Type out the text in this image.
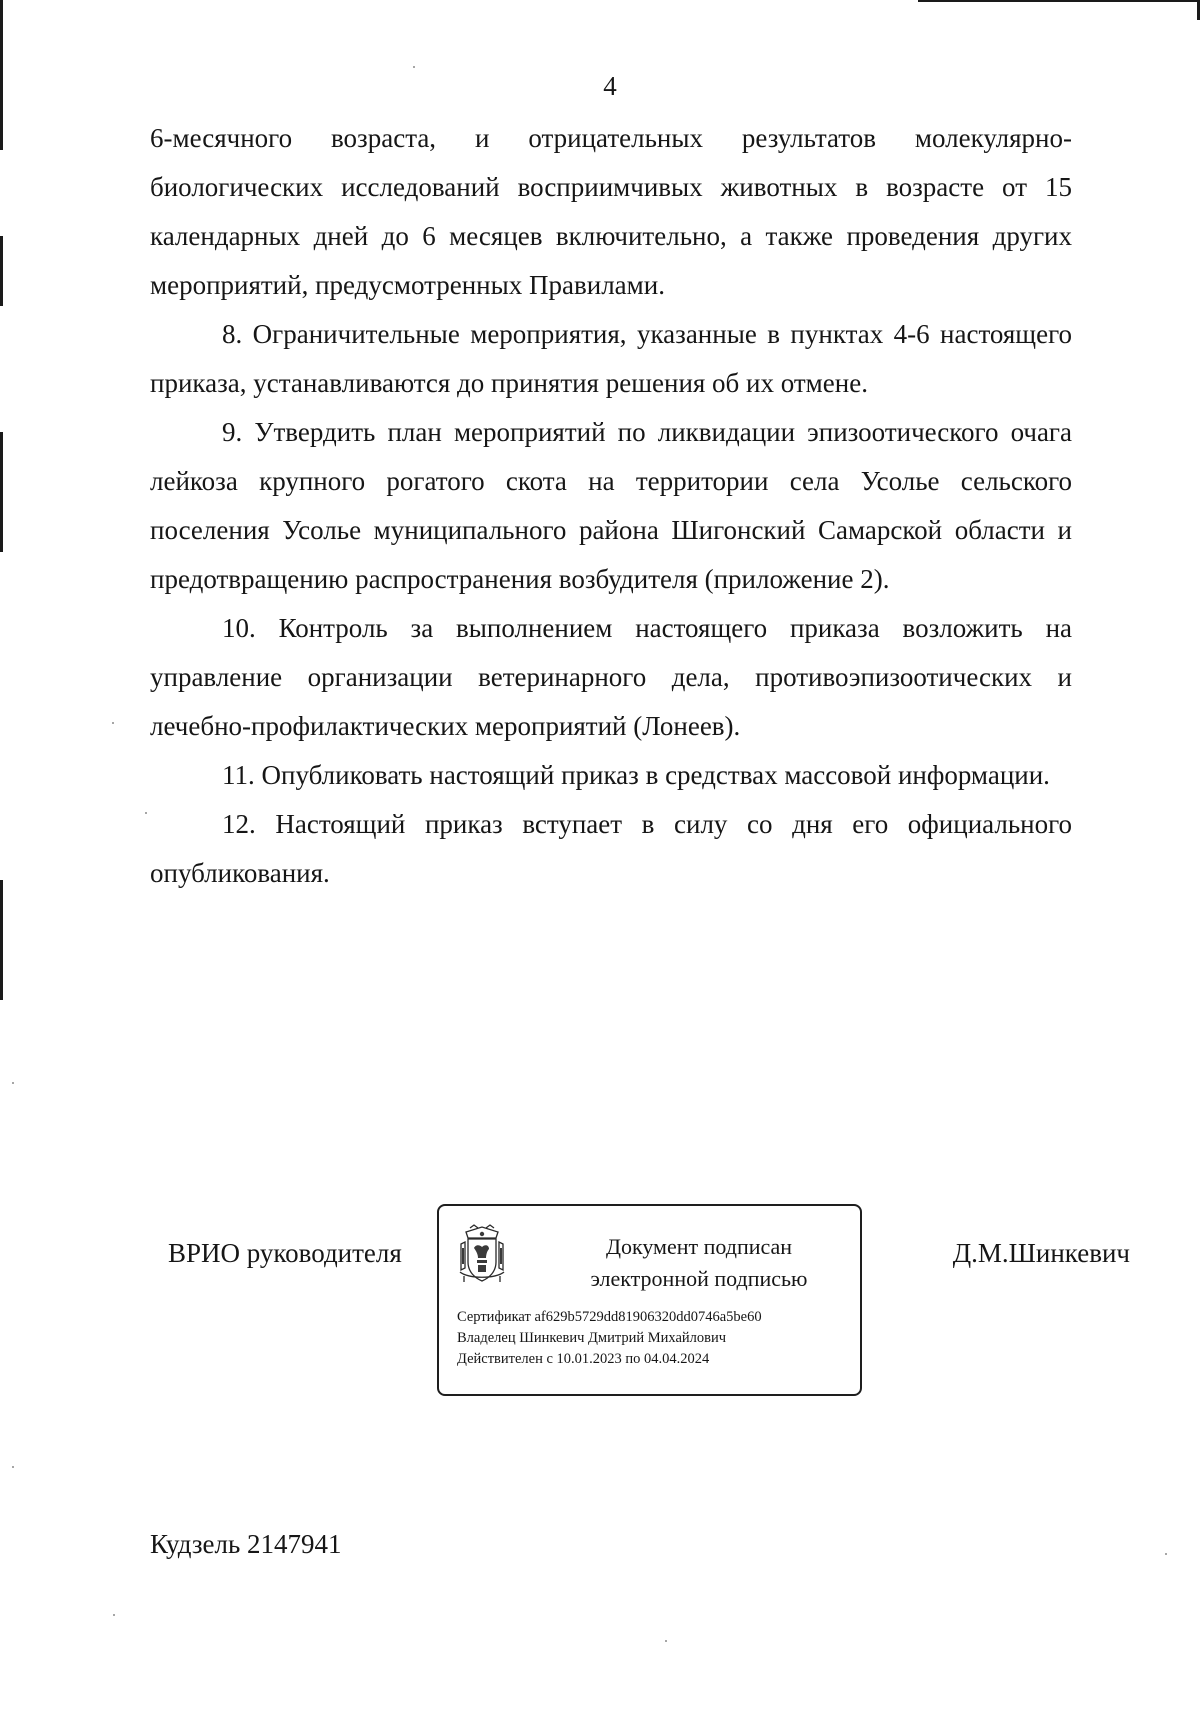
4

6-месячного возраста, и отрицательных результатов молекулярно-биологических исследований восприимчивых животных в возрасте от 15 календарных дней до 6 месяцев включительно, а также проведения других мероприятий, предусмотренных Правилами.

8. Ограничительные мероприятия, указанные в пунктах 4-6 настоящего приказа, устанавливаются до принятия решения об их отмене.

9. Утвердить план мероприятий по ликвидации эпизоотического очага лейкоза крупного рогатого скота на территории села Усолье сельского поселения Усолье муниципального района Шигонский Самарской области и предотвращению распространения возбудителя (приложение 2).

10. Контроль за выполнением настоящего приказа возложить на управление организации ветеринарного дела, противоэпизоотических и лечебно-профилактических мероприятий (Лонеев).

11. Опубликовать настоящий приказ в средствах массовой информации.

12. Настоящий приказ вступает в силу со дня его официального опубликования.

ВРИО руководителя	Документ подписан
электронной подписью
Сертификат af629b5729dd81906320dd0746a5be60
Владелец Шинкевич Дмитрий Михайлович
Действителен с 10.01.2023 по 04.04.2024
Д.М.Шинкевич
Кудзель 2147941
